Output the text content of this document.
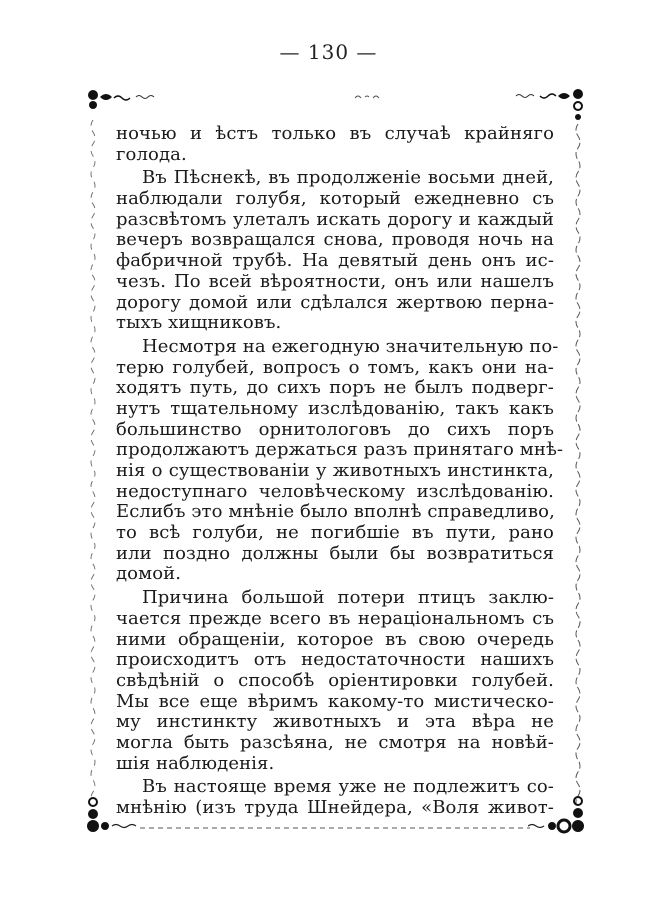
— 130 —
ночью и ѣстъ только въ случаѣ крайняго
голода.
Въ Пѣснекѣ, въ продолженіе восьми дней,
наблюдали голубя, который ежедневно съ
разсвѣтомъ улеталъ искать дорогу и каждый
вечеръ возвращался снова, проводя ночь на
фабричной трубѣ. На девятый день онъ ис-
чезъ. По всей вѣроятности, онъ или нашелъ
дорогу домой или сдѣлался жертвою перна-
тыхъ хищниковъ.
Несмотря на ежегодную значительную по-
терю голубей, вопросъ о томъ, какъ они на-
ходятъ путь, до сихъ поръ не былъ подверг-
нутъ тщательному изслѣдованію, такъ какъ
большинство орнитологовъ до сихъ поръ
продолжаютъ держаться разъ принятаго мнѣ-
нія о существованіи у животныхъ инстинкта,
недоступнаго человѣческому изслѣдованію.
Еслибъ это мнѣніе было вполнѣ справедливо,
то всѣ голуби, не погибшіе въ пути, рано
или поздно должны были бы возвратиться
домой.
Причина большой потери птицъ заклю-
чается прежде всего въ нераціональномъ съ
ними обращеніи, которое въ свою очередь
происходитъ отъ недостаточности нашихъ
свѣдѣній о способѣ оріентировки голубей.
Мы все еще вѣримъ какому-то мистическо-
му инстинкту животныхъ и эта вѣра не
могла быть разсѣяна, не смотря на новѣй-
шія наблюденія.
Въ настояще время уже не подлежитъ со-
мнѣнію (изъ труда Шнейдера, «Воля живот-
